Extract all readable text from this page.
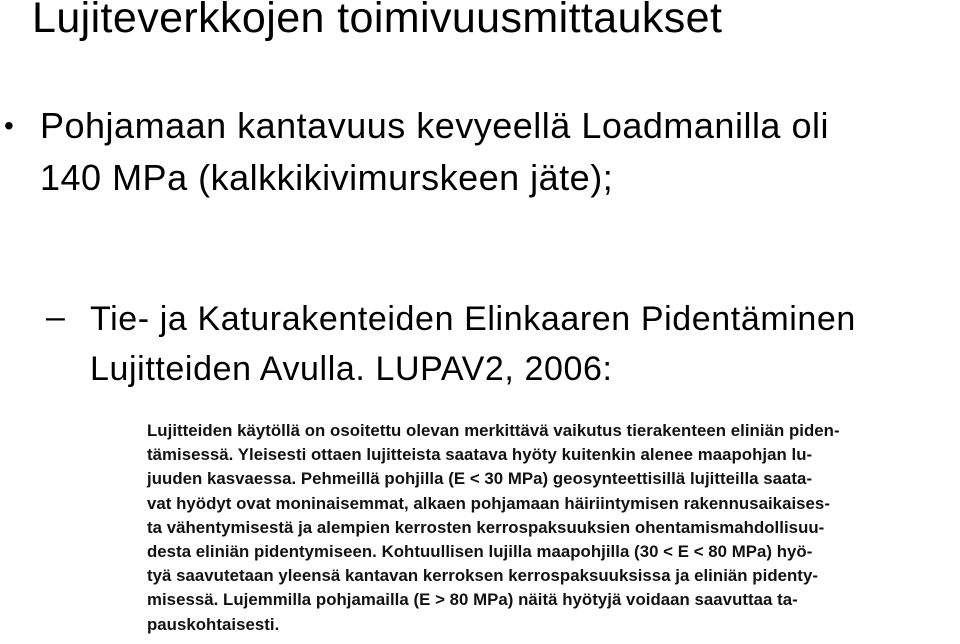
Lujiteverkkojen toimivuusmittaukset
• Pohjamaan kantavuus kevyeellä Loadmanilla oli
140 MPa (kalkkikivimurskeen jäte);
– Tie- ja Katurakenteiden Elinkaaren Pidentäminen
Lujitteiden Avulla. LUPAV2, 2006:
Lujitteiden käytöllä on osoitettu olevan merkittävä vaikutus tierakenteen eliniän piden-
tämisessä. Yleisesti ottaen lujitteista saatava hyöty kuitenkin alenee maapohjan lu-
juuden kasvaessa. Pehmeillä pohjilla (E < 30 MPa) geosynteettisillä lujitteilla saata-
vat hyödyt ovat moninaisemmat, alkaen pohjamaan häiriintymisen rakennusaikaises-
ta vähentymisestä ja alempien kerrosten kerrospaksuuksien ohentamismahdollisuu-
desta eliniän pidentymiseen. Kohtuullisen lujilla maapohjilla (30 < E < 80 MPa) hyö-
tyä saavutetaan yleensä kantavan kerroksen kerrospaksuuksissa ja eliniän pidenty-
misessä. Lujemmilla pohjamailla (E > 80 MPa) näitä hyötyjä voidaan saavuttaa ta-
pauskohtaisesti.
